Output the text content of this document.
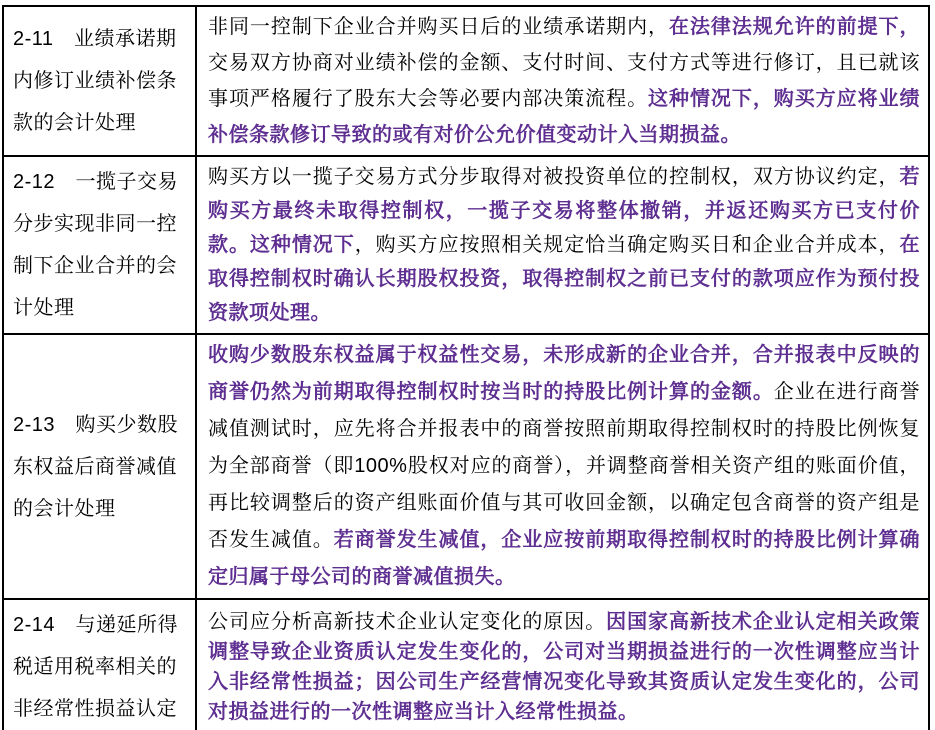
2-11　业绩承诺期内修订业绩补偿条款的会计处理	非同一控制下企业合并购买日后的业绩承诺期内，在法律法规允许的前提下，交易双方协商对业绩补偿的金额、支付时间、支付方式等进行修订，且已就该事项严格履行了股东大会等必要内部决策流程。这种情况下，购买方应将业绩补偿条款修订导致的或有对价公允价值变动计入当期损益。
2-12　一揽子交易分步实现非同一控制下企业合并的会计处理	购买方以一揽子交易方式分步取得对被投资单位的控制权，双方协议约定，若购买方最终未取得控制权，一揽子交易将整体撤销，并返还购买方已支付价款。这种情况下，购买方应按照相关规定恰当确定购买日和企业合并成本，在取得控制权时确认长期股权投资，取得控制权之前已支付的款项应作为预付投资款项处理。
2-13　购买少数股东权益后商誉减值的会计处理	收购少数股东权益属于权益性交易，未形成新的企业合并，合并报表中反映的商誉仍然为前期取得控制权时按当时的持股比例计算的金额。企业在进行商誉减值测试时，应先将合并报表中的商誉按照前期取得控制权时的持股比例恢复为全部商誉（即100%股权对应的商誉），并调整商誉相关资产组的账面价值，再比较调整后的资产组账面价值与其可收回金额，以确定包含商誉的资产组是否发生减值。若商誉发生减值，企业应按前期取得控制权时的持股比例计算确定归属于母公司的商誉减值损失。
2-14　与递延所得税适用税率相关的非经常性损益认定	公司应分析高新技术企业认定变化的原因。因国家高新技术企业认定相关政策调整导致企业资质认定发生变化的，公司对当期损益进行的一次性调整应当计入非经常性损益；因公司生产经营情况变化导致其资质认定发生变化的，公司对损益进行的一次性调整应当计入经常性损益。
